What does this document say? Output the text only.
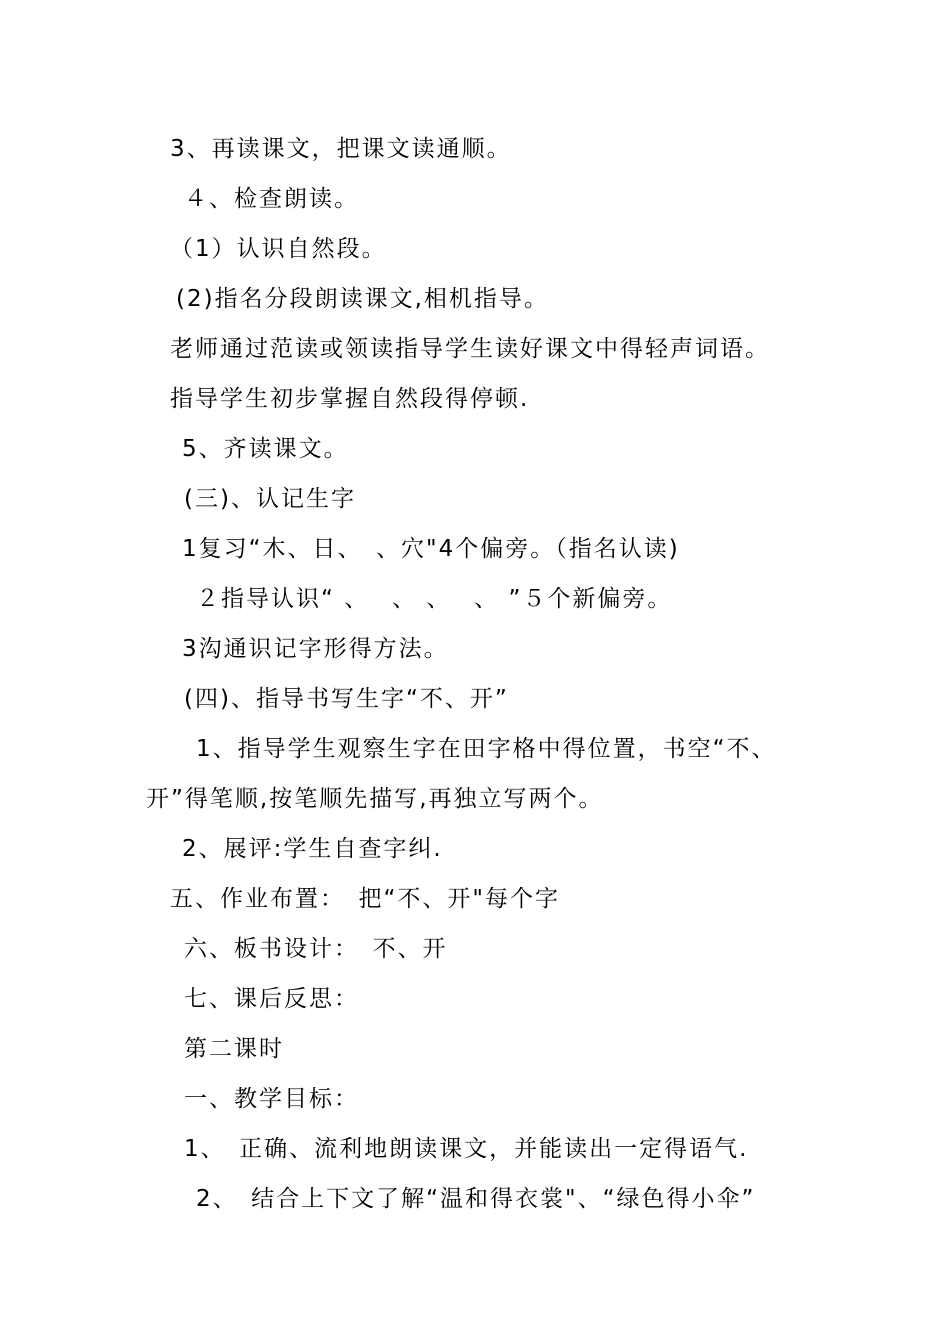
3、再读课文，把课文读通顺。
４、检查朗读。
（1）认识自然段。
(2)指名分段朗读课文,相机指导。
老师通过范读或领读指导学生读好课文中得轻声词语。
指导学生初步掌握自然段得停顿.
5、齐读课文。
(三)、认记生字
1复习“木、日、　、穴"4个偏旁。（指名认读)
２指导认识“ 、　 、 、　 、 ”５个新偏旁。
3沟通识记字形得方法。
(四)、指导书写生字“不、开”
1、指导学生观察生字在田字格中得位置，书空“不、
开”得笔顺,按笔顺先描写,再独立写两个。
2、展评:学生自查字纠.
五、作业布置：　把“不、开"每个字
六、板书设计：　不、开
七、课后反思：
第二课时
一、教学目标：
1、　正确、流利地朗读课文，并能读出一定得语气.
2、　结合上下文了解“温和得衣裳"、“绿色得小伞”
